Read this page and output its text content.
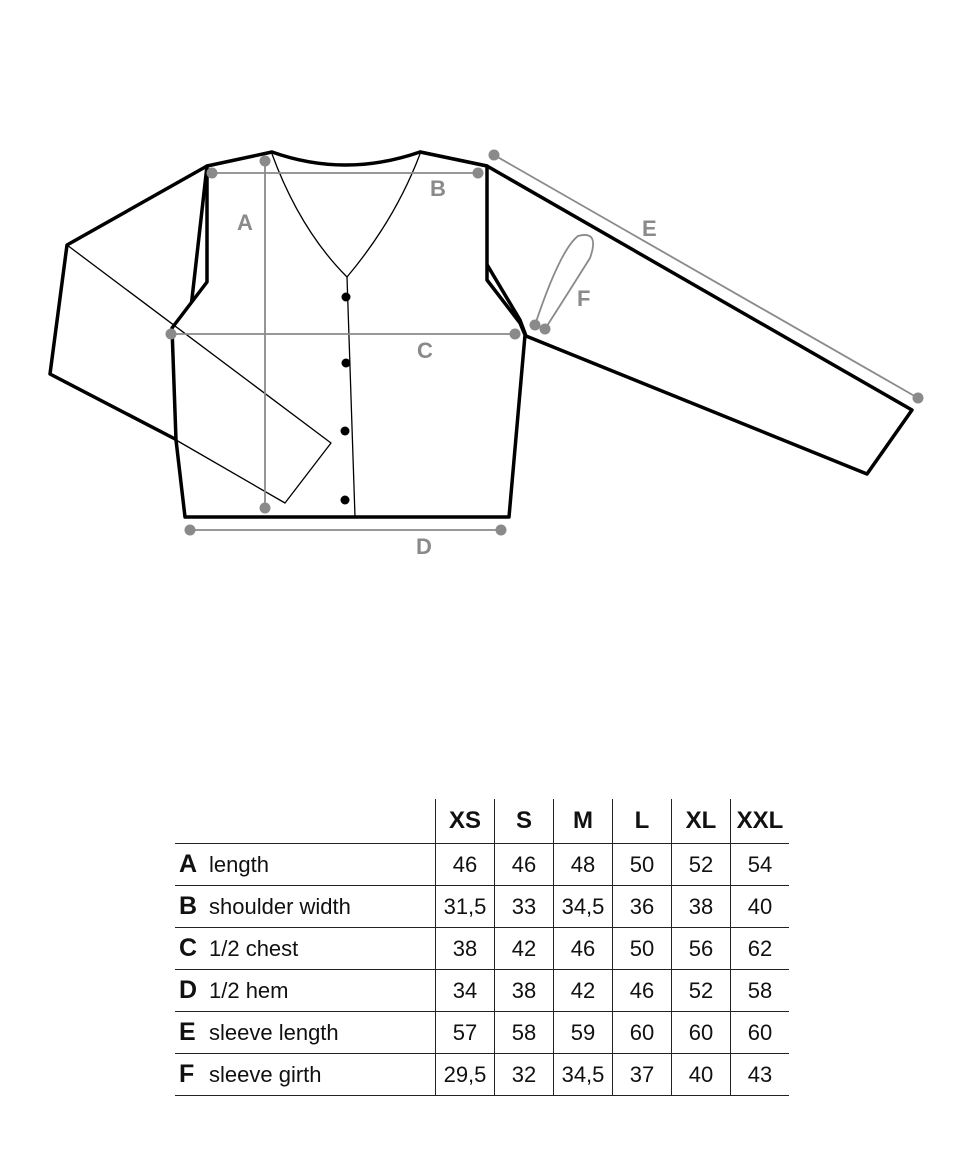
A
B
C
D
E
F
	XS	S	M	L	XL	XXL
A length	46	46	48	50	52	54
B shoulder width	31,5	33	34,5	36	38	40
C 1/2 chest	38	42	46	50	56	62
D 1/2 hem	34	38	42	46	52	58
E sleeve length	57	58	59	60	60	60
F sleeve girth	29,5	32	34,5	37	40	43
